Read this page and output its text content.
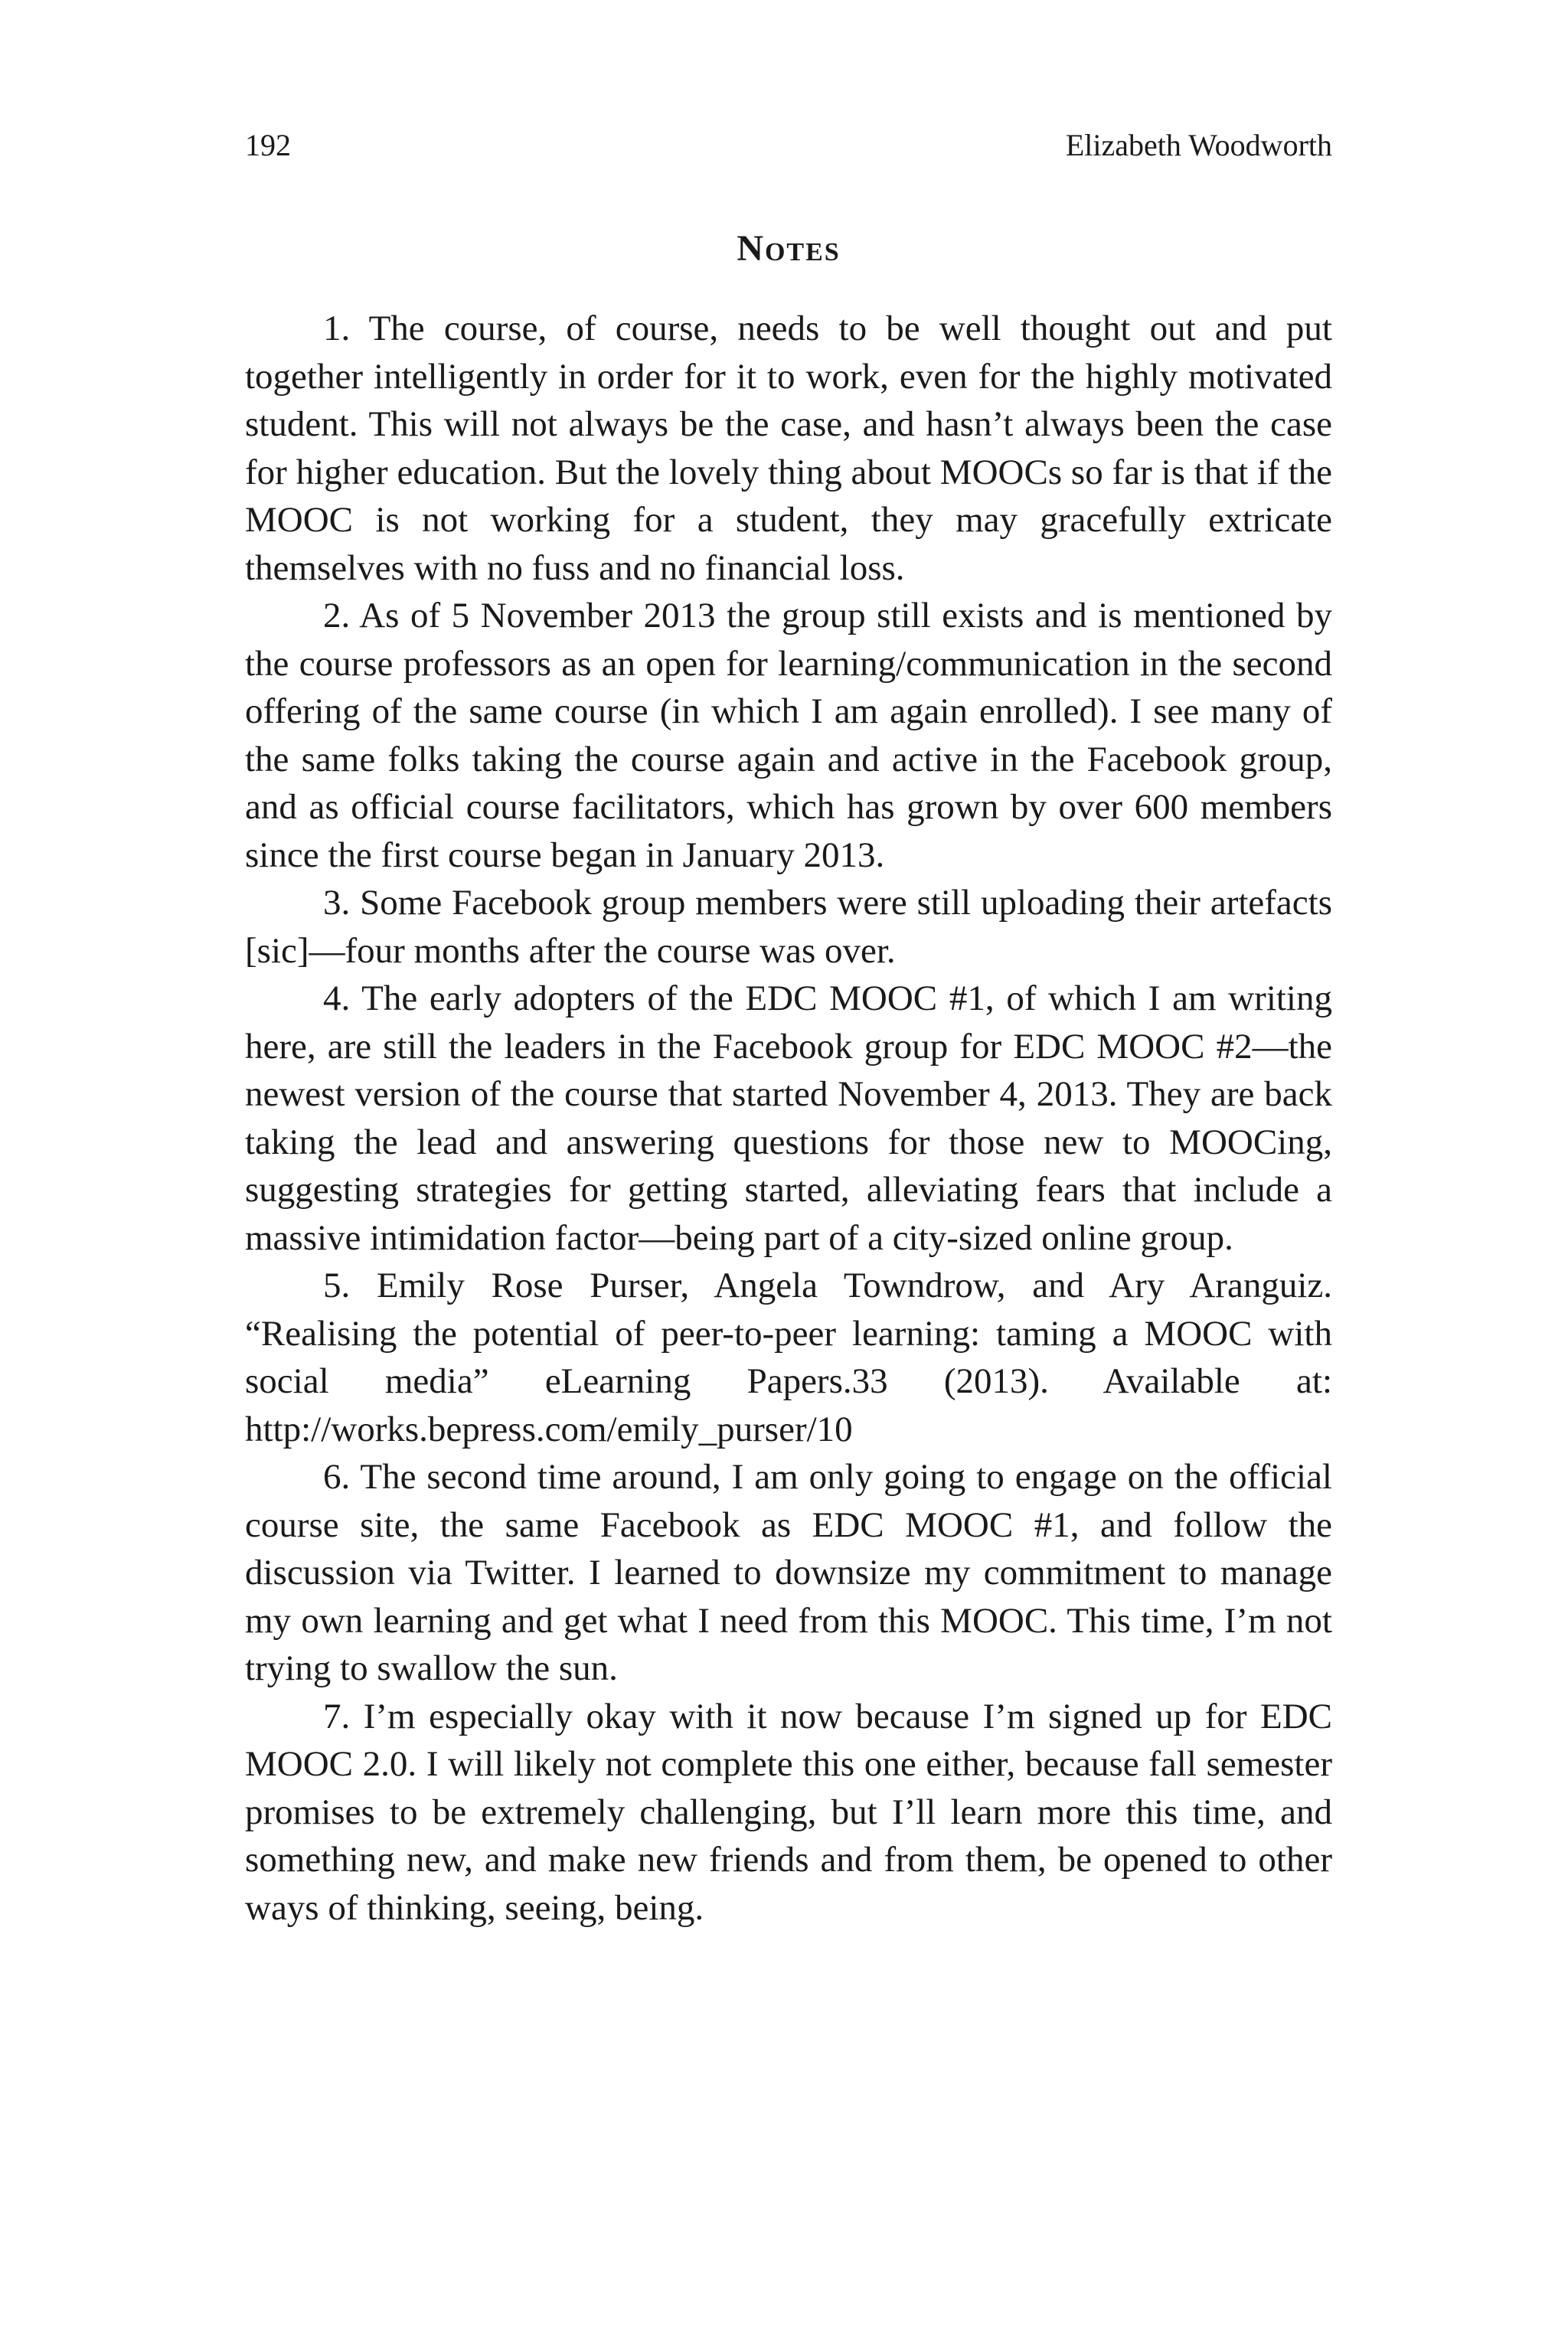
192	Elizabeth Woodworth
Notes

1. The course, of course, needs to be well thought out and put together intelligently in order for it to work, even for the highly motivated student. This will not always be the case, and hasn’t always been the case for higher education. But the lovely thing about MOOCs so far is that if the MOOC is not working for a student, they may gracefully extricate themselves with no fuss and no financial loss.

2. As of 5 November 2013 the group still exists and is mentioned by the course professors as an open for learning/communication in the second offering of the same course (in which I am again enrolled). I see many of the same folks taking the course again and active in the Facebook group, and as official course facilitators, which has grown by over 600 members since the first course began in January 2013.

3. Some Facebook group members were still uploading their artefacts [sic]—four months after the course was over.

4. The early adopters of the EDC MOOC #1, of which I am writing here, are still the leaders in the Facebook group for EDC MOOC #2—the newest version of the course that started November 4, 2013. They are back taking the lead and answering questions for those new to MOOCing, suggesting strategies for getting started, alleviating fears that include a massive intimidation factor—being part of a city-sized online group.

5. Emily Rose Purser, Angela Towndrow, and Ary Aranguiz. “Realising the potential of peer-to-peer learning: taming a MOOC with social media” eLearning Papers.33 (2013). Available at: http://works.bepress.com/emily_purser/10

6. The second time around, I am only going to engage on the official course site, the same Facebook as EDC MOOC #1, and follow the discussion via Twitter. I learned to downsize my commitment to manage my own learning and get what I need from this MOOC. This time, I’m not trying to swallow the sun.

7. I’m especially okay with it now because I’m signed up for EDC MOOC 2.0. I will likely not complete this one either, because fall semester promises to be extremely challenging, but I’ll learn more this time, and something new, and make new friends and from them, be opened to other ways of thinking, seeing, being.
